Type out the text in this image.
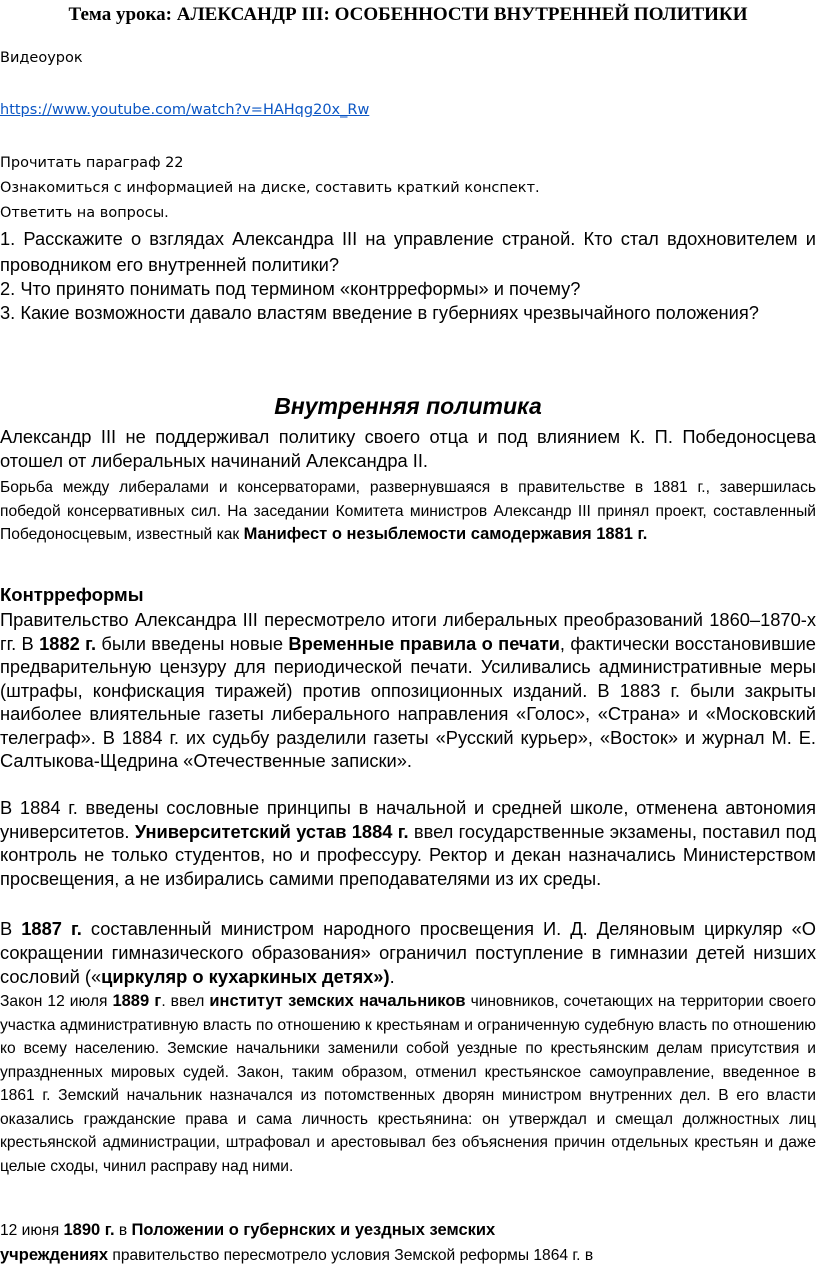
Тема урока: АЛЕКСАНДР III: ОСОБЕННОСТИ ВНУТРЕННЕЙ ПОЛИТИКИ
Видеоурок
https://www.youtube.com/watch?v=HAHqg20x_Rw
Прочитать параграф 22
Ознакомиться с информацией на диске, составить краткий конспект.
Ответить на вопросы.
1. Расскажите о взглядах Александра III на управление страной. Кто стал вдохновителем и проводником его внутренней политики?
2. Что принято понимать под термином «контрреформы» и почему?
3. Какие возможности давало властям введение в губерниях чрезвычайного положения?
Внутренняя политика
Александр III не поддерживал политику своего отца и под влиянием К. П. Победоносцева отошел от либеральных начинаний Александра II.
Борьба между либералами и консерваторами, развернувшаяся в правительстве в 1881 г., завершилась победой консервативных сил. На заседании Комитета министров Александр III принял проект, составленный Победоносцевым, известный как Манифест о незыблемости самодержавия 1881 г.
Контрреформы
Правительство Александра III пересмотрело итоги либеральных преобразований 1860–1870-х гг. В 1882 г. были введены новые Временные правила о печати, фактически восстановившие предварительную цензуру для периодической печати. Усиливались административные меры (штрафы, конфискация тиражей) против оппозиционных изданий. В 1883 г. были закрыты наиболее влиятельные газеты либерального направления «Голос», «Страна» и «Московский телеграф». В 1884 г. их судьбу разделили газеты «Русский курьер», «Восток» и журнал М. Е. Салтыкова-Щедрина «Отечественные записки».
В 1884 г. введены сословные принципы в начальной и средней школе, отменена автономия университетов. Университетский устав 1884 г. ввел государственные экзамены, поставил под контроль не только студентов, но и профессуру. Ректор и декан назначались Министерством просвещения, а не избирались самими преподавателями из их среды.
В 1887 г. составленный министром народного просвещения И. Д. Деляновым циркуляр «О сокращении гимназического образования» ограничил поступление в гимназии детей низших сословий («циркуляр о кухаркиных детях»).
Закон 12 июля 1889 г. ввел институт земских начальников чиновников, сочетающих на территории своего участка административную власть по отношению к крестьянам и ограниченную судебную власть по отношению ко всему населению. Земские начальники заменили собой уездные по крестьянским делам присутствия и упраздненных мировых судей. Закон, таким образом, отменил крестьянское самоуправление, введенное в 1861 г. Земский начальник назначался из потомственных дворян министром внутренних дел. В его власти оказались гражданские права и сама личность крестьянина: он утверждал и смещал должностных лиц крестьянской администрации, штрафовал и арестовывал без объяснения причин отдельных крестьян и даже целые сходы, чинил расправу над ними.
12 июня 1890 г. в Положении о губернских и уездных земских
учреждениях правительство пересмотрело условия Земской реформы 1864 г. в
